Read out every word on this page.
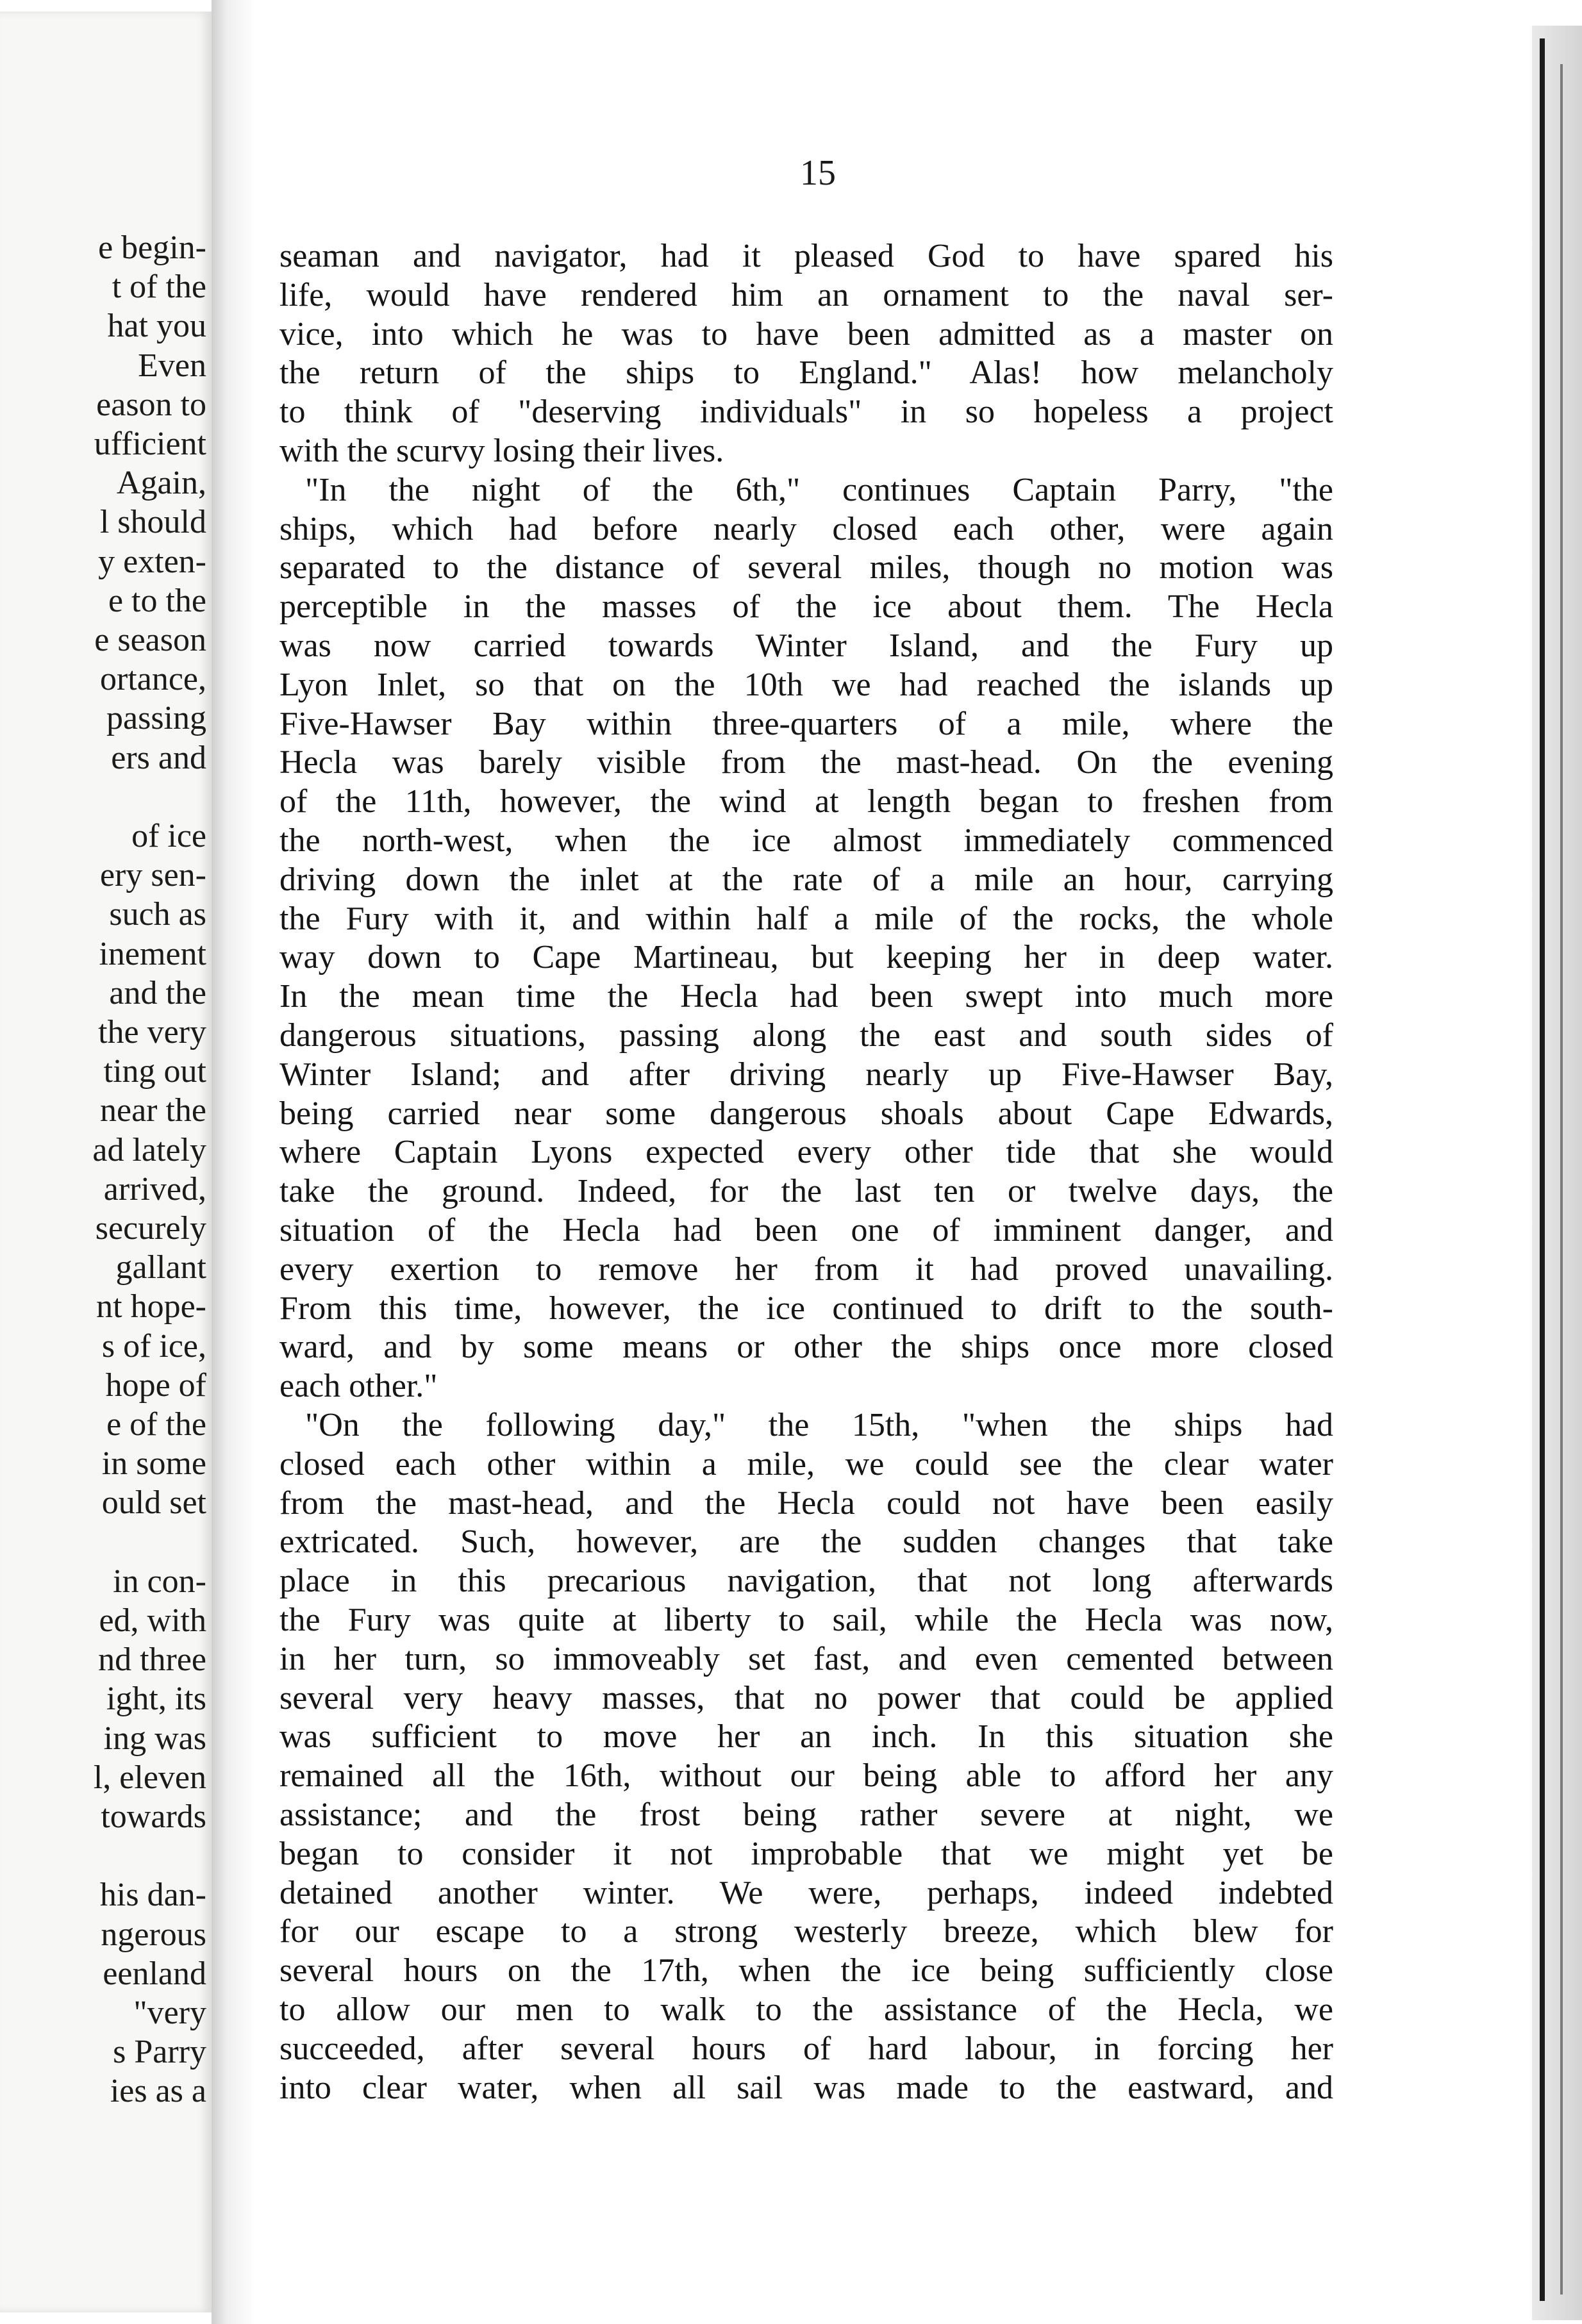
e begin-
t of the
hat you
Even
eason to
ufficient
Again,
l should
y exten-
e to the
e season
ortance,
passing
ers and
of ice
ery sen-
such as
inement
and the
the very
ting out
near the
ad lately
arrived,
securely
gallant
nt hope-
s of ice,
hope of
e of the
in some
ould set
in con-
ed, with
nd three
ight, its
ing was
l, eleven
towards
his dan-
ngerous
eenland
"very
s Parry
ies as a
15
seaman and navigator, had it pleased God to have spared his
life, would have rendered him an ornament to the naval ser-
vice, into which he was to have been admitted as a master on
the return of the ships to England." Alas! how melancholy
to think of "deserving individuals" in so hopeless a project
with the scurvy losing their lives.
"In the night of the 6th," continues Captain Parry, "the
ships, which had before nearly closed each other, were again
separated to the distance of several miles, though no motion was
perceptible in the masses of the ice about them. The Hecla
was now carried towards Winter Island, and the Fury up
Lyon Inlet, so that on the 10th we had reached the islands up
Five-Hawser Bay within three-quarters of a mile, where the
Hecla was barely visible from the mast-head. On the evening
of the 11th, however, the wind at length began to freshen from
the north-west, when the ice almost immediately commenced
driving down the inlet at the rate of a mile an hour, carrying
the Fury with it, and within half a mile of the rocks, the whole
way down to Cape Martineau, but keeping her in deep water.
In the mean time the Hecla had been swept into much more
dangerous situations, passing along the east and south sides of
Winter Island; and after driving nearly up Five-Hawser Bay,
being carried near some dangerous shoals about Cape Edwards,
where Captain Lyons expected every other tide that she would
take the ground. Indeed, for the last ten or twelve days, the
situation of the Hecla had been one of imminent danger, and
every exertion to remove her from it had proved unavailing.
From this time, however, the ice continued to drift to the south-
ward, and by some means or other the ships once more closed
each other."
"On the following day," the 15th, "when the ships had
closed each other within a mile, we could see the clear water
from the mast-head, and the Hecla could not have been easily
extricated. Such, however, are the sudden changes that take
place in this precarious navigation, that not long afterwards
the Fury was quite at liberty to sail, while the Hecla was now,
in her turn, so immoveably set fast, and even cemented between
several very heavy masses, that no power that could be applied
was sufficient to move her an inch. In this situation she
remained all the 16th, without our being able to afford her any
assistance; and the frost being rather severe at night, we
began to consider it not improbable that we might yet be
detained another winter. We were, perhaps, indeed indebted
for our escape to a strong westerly breeze, which blew for
several hours on the 17th, when the ice being sufficiently close
to allow our men to walk to the assistance of the Hecla, we
succeeded, after several hours of hard labour, in forcing her
into clear water, when all sail was made to the eastward, and
